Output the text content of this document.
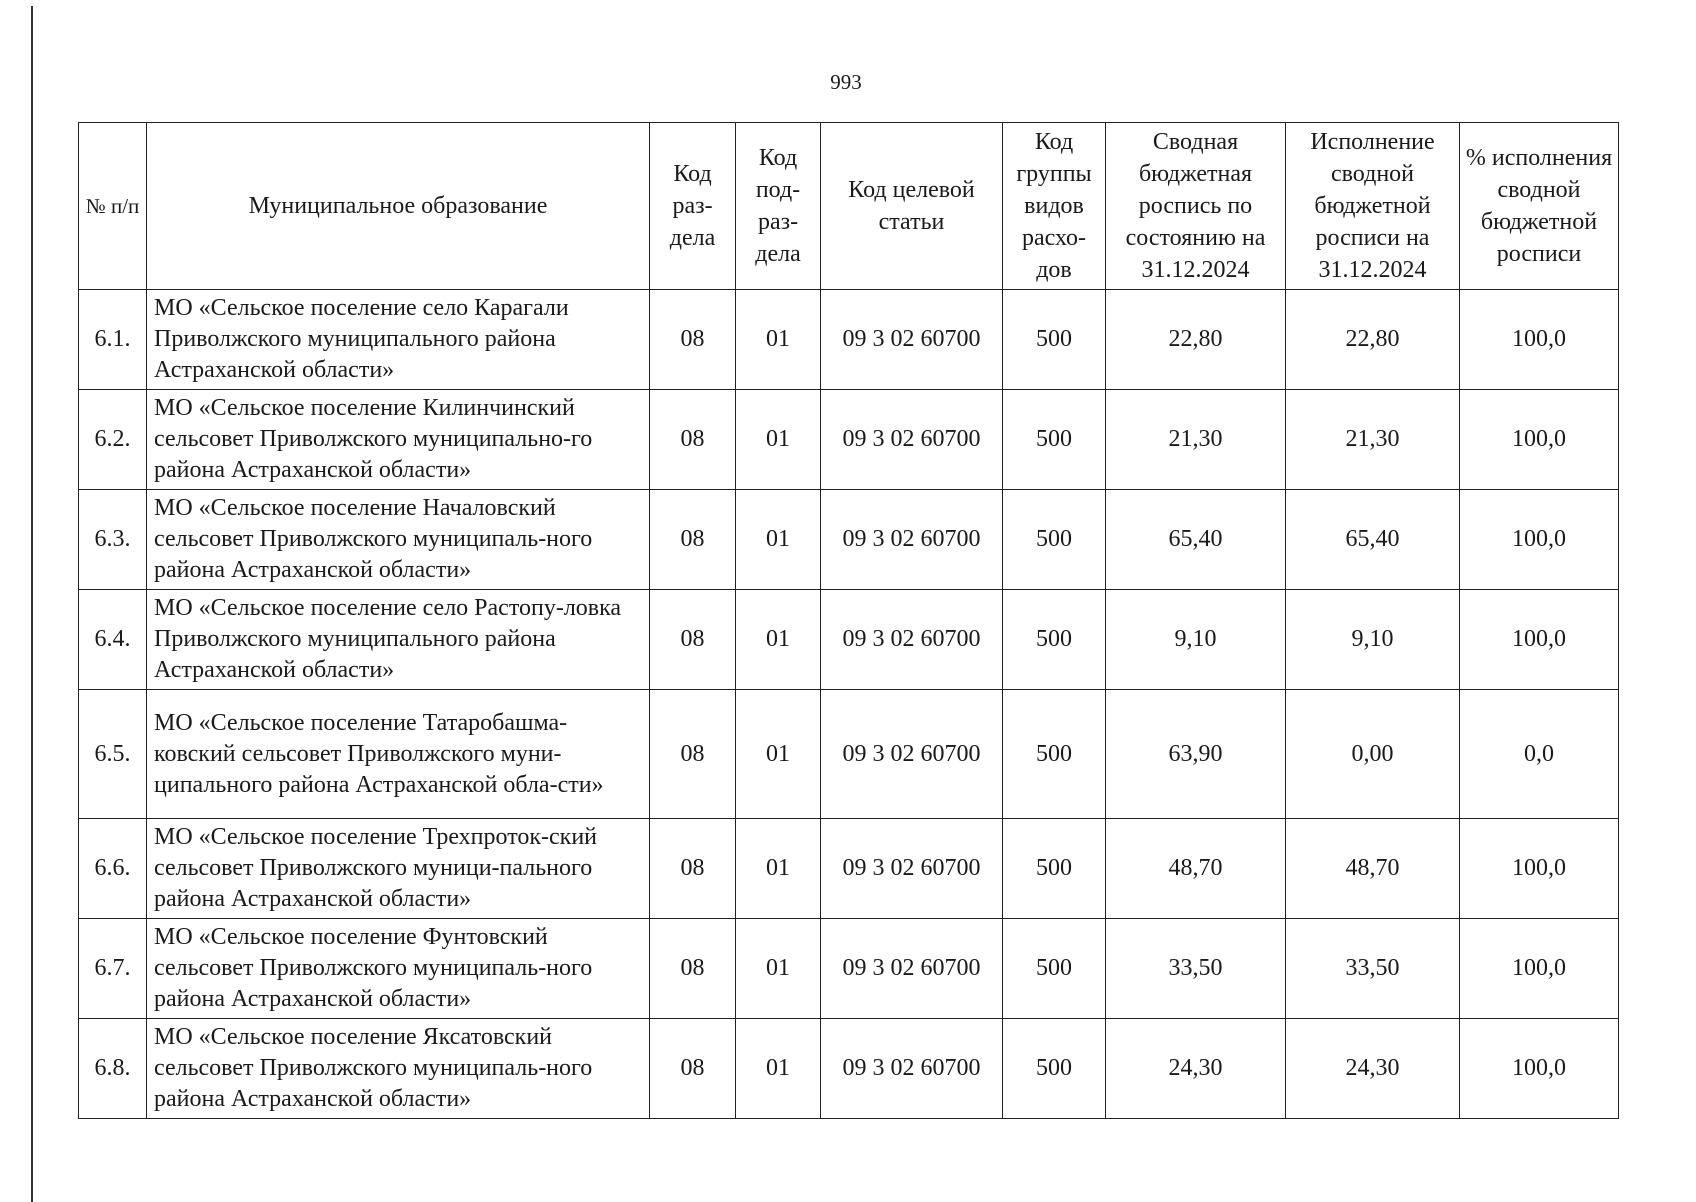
993
№ п/п	Муниципальное образование	Код раз-дела	Код под-раз-дела	Код целевой статьи	Код группы видов расхо-дов	Сводная бюджетная роспись по состоянию на 31.12.2024	Исполнение сводной бюджетной росписи на 31.12.2024	% исполнения сводной бюджетной росписи
6.1.	МО «Сельское поселение село Карагали Приволжского муниципального района Астраханской области»	08	01	09 3 02 60700	500	22,80	22,80	100,0
6.2.	МО «Сельское поселение Килинчинский сельсовет Приволжского муниципально-го района Астраханской области»	08	01	09 3 02 60700	500	21,30	21,30	100,0
6.3.	МО «Сельское поселение Началовский сельсовет Приволжского муниципаль-ного района Астраханской области»	08	01	09 3 02 60700	500	65,40	65,40	100,0
6.4.	МО «Сельское поселение село Растопу-ловка Приволжского муниципального района Астраханской области»	08	01	09 3 02 60700	500	9,10	9,10	100,0
6.5.	МО «Сельское поселение Татаробашма-ковский сельсовет Приволжского муни-ципального района Астраханской обла-сти»	08	01	09 3 02 60700	500	63,90	0,00	0,0
6.6.	МО «Сельское поселение Трехпроток-ский сельсовет Приволжского муници-пального района Астраханской области»	08	01	09 3 02 60700	500	48,70	48,70	100,0
6.7.	МО «Сельское поселение Фунтовский сельсовет Приволжского муниципаль-ного района Астраханской области»	08	01	09 3 02 60700	500	33,50	33,50	100,0
6.8.	МО «Сельское поселение Яксатовский сельсовет Приволжского муниципаль-ного района Астраханской области»	08	01	09 3 02 60700	500	24,30	24,30	100,0
